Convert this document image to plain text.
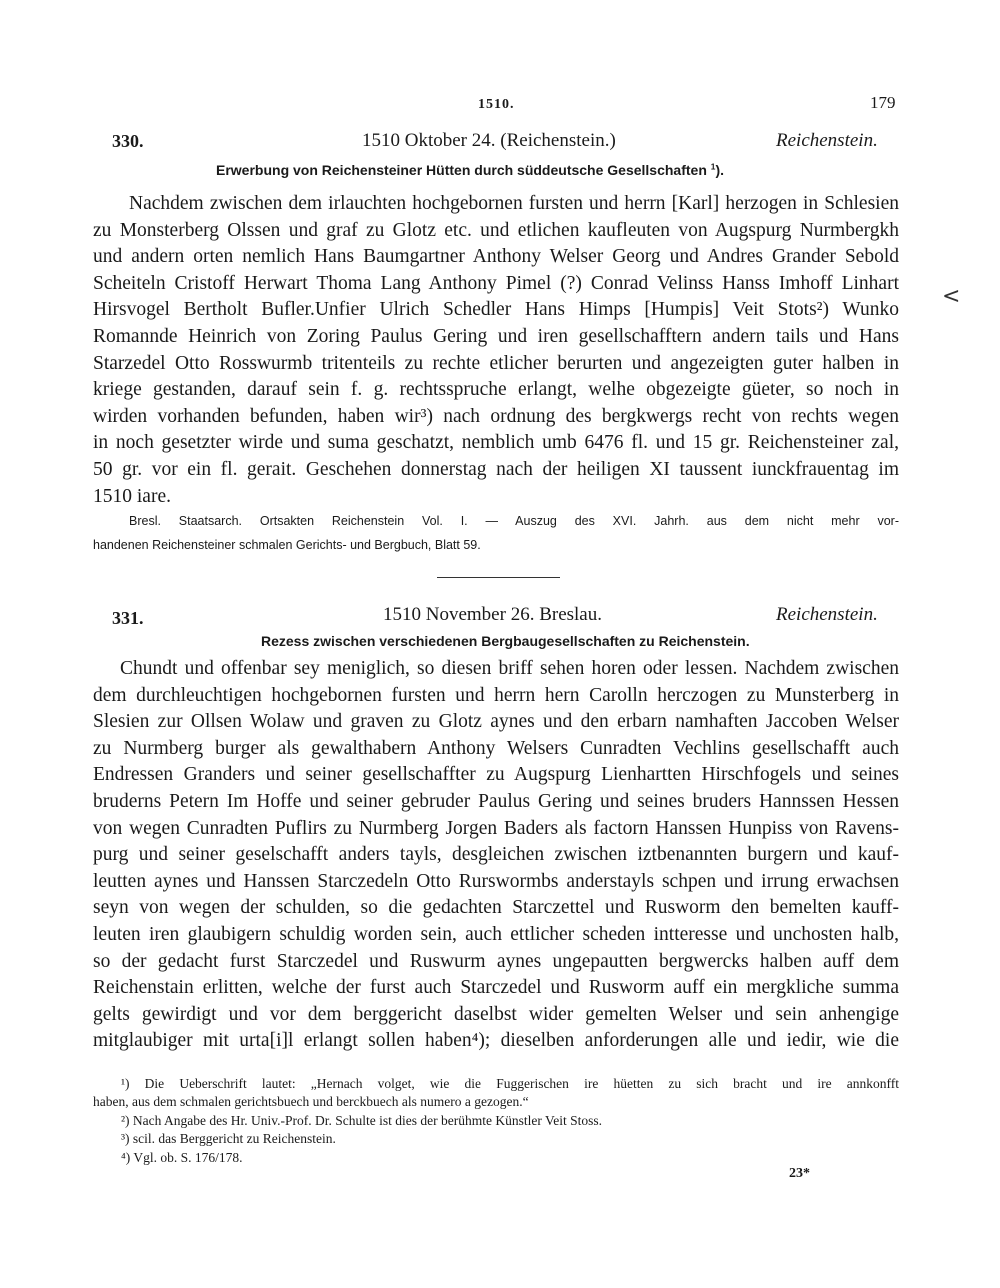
1510.	179
<
330.	1510 Oktober 24. (Reichenstein.)	Reichenstein.
Erwerbung von Reichensteiner Hütten durch süddeutsche Gesellschaften $^1$).
Nachdem zwischen dem irlauchten hochgebornen fursten und herrn [Karl] herzogen in Schlesien
zu Monsterberg Olssen und graf zu Glotz etc. und etlichen kaufleuten von Augspurg Nurmbergkh
und andern orten nemlich Hans Baumgartner Anthony Welser Georg und Andres Grander Sebold
Scheiteln Cristoff Herwart Thoma Lang Anthony Pimel (?) Conrad Velinss Hanss Imhoff Linhart
Hirsvogel Bertholt Bufler.Unfier Ulrich Schedler Hans Himps [Humpis] Veit Stots²) Wunko
Romannde Heinrich von Zoring Paulus Gering und iren gesellschafftern andern tails und Hans
Starzedel Otto Rosswurmb tritenteils zu rechte etlicher berurten und angezeigten guter halben in
kriege gestanden, darauf sein f. g. rechtsspruche erlangt, welhe obgezeigte güeter, so noch in
wirden vorhanden befunden, haben wir³) nach ordnung des bergkwergs recht von rechts wegen
in noch gesetzter wirde und suma geschatzt, nemblich umb 6476 fl. und 15 gr. Reichensteiner zal,
50 gr. vor ein fl. gerait. Geschehen donnerstag nach der heiligen XI taussent iunckfrauentag im
1510 iare.
Bresl. Staatsarch. Ortsakten Reichenstein Vol. I. — Auszug des XVI. Jahrh. aus dem nicht mehr vor-
handenen Reichensteiner schmalen Gerichts- und Bergbuch, Blatt 59.
331.	1510 November 26. Breslau.	Reichenstein.
Rezess zwischen verschiedenen Bergbaugesellschaften zu Reichenstein.
Chundt und offenbar sey meniglich, so diesen briff sehen horen oder lessen. Nachdem zwischen
dem durchleuchtigen hochgebornen fursten und herrn hern Carolln herczogen zu Munsterberg in
Slesien zur Ollsen Wolaw und graven zu Glotz aynes und den erbarn namhaften Jaccoben Welser
zu Nurmberg burger als gewalthabern Anthony Welsers Cunradten Vechlins gesellschafft auch
Endressen Granders und seiner gesellschaffter zu Augspurg Lienhartten Hirschfogels und seines
bruderns Petern Im Hoffe und seiner gebruder Paulus Gering und seines bruders Hannssen Hessen
von wegen Cunradten Puflirs zu Nurmberg Jorgen Baders als factorn Hanssen Hunpiss von Ravens-
purg und seiner geselschafft anders tayls, desgleichen zwischen iztbenannten burgern und kauf-
leutten aynes und Hanssen Starczedeln Otto Rurswormbs anderstayls schpen und irrung erwachsen
seyn von wegen der schulden, so die gedachten Starczettel und Rusworm den bemelten kauff-
leuten iren glaubigern schuldig worden sein, auch ettlicher scheden intteresse und unchosten halb,
so der gedacht furst Starczedel und Ruswurm aynes ungepautten bergwercks halben auff dem
Reichenstain erlitten, welche der furst auch Starczedel und Rusworm auff ein mergkliche summa
gelts gewirdigt und vor dem berggericht daselbst wider gemelten Welser und sein anhengige
mitglaubiger mit urta[i]l erlangt sollen haben⁴); dieselben anforderungen alle und iedir, wie die
¹) Die Ueberschrift lautet: „Hernach volget, wie die Fuggerischen ire hüetten zu sich bracht und ire annkonfft
haben, aus dem schmalen gerichtsbuech und berckbuech als numero a gezogen.“
²) Nach Angabe des Hr. Univ.-Prof. Dr. Schulte ist dies der berühmte Künstler Veit Stoss.
³) scil. das Berggericht zu Reichenstein.
⁴) Vgl. ob. S. 176/178.
23*
